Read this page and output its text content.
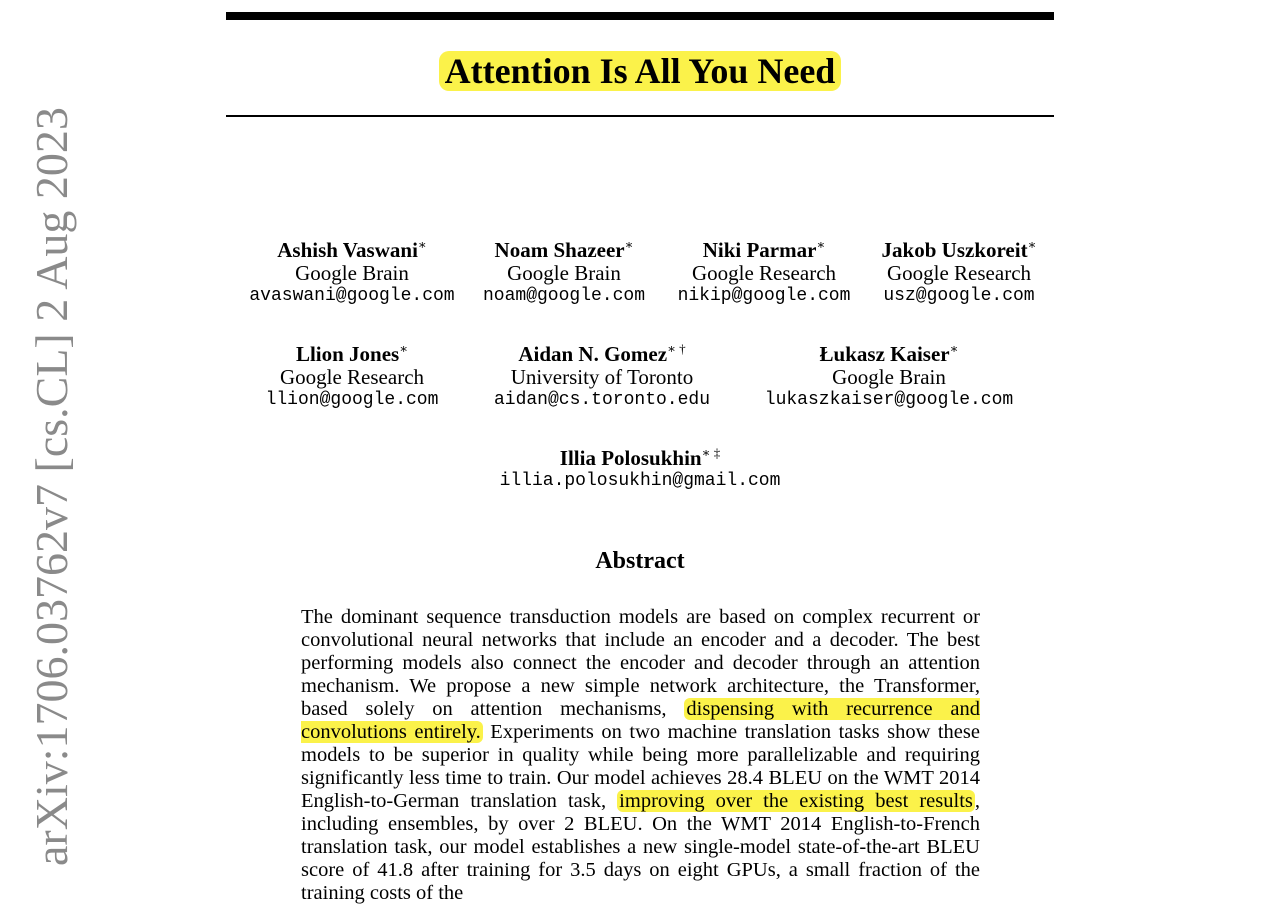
Attention Is All You Need
arXiv:1706.03762v7 [cs.CL] 2 Aug 2023	Ashish Vaswani∗
Google Brain
avaswani@google.com
Noam Shazeer∗
Google Brain
noam@google.com
Niki Parmar∗
Google Research
nikip@google.com
Jakob Uszkoreit∗
Google Research
usz@google.com
Llion Jones∗
Google Research
llion@google.com
Aidan N. Gomez∗ †
University of Toronto
aidan@cs.toronto.edu
Łukasz Kaiser∗
Google Brain
lukaszkaiser@google.com
Illia Polosukhin∗ ‡
illia.polosukhin@gmail.com
Abstract
The dominant sequence transduction models are based on complex recurrent or convolutional neural networks that include an encoder and a decoder. The best performing models also connect the encoder and decoder through an attention mechanism. We propose a new simple network architecture, the Transformer, based solely on attention mechanisms, dispensing with recurrence and convolutions entirely. Experiments on two machine translation tasks show these models to be superior in quality while being more parallelizable and requiring significantly less time to train. Our model achieves 28.4 BLEU on the WMT 2014 English-to-German translation task, improving over the existing best results, including ensembles, by over 2 BLEU. On the WMT 2014 English-to-French translation task, our model establishes a new single-model state-of-the-art BLEU score of 41.8 after training for 3.5 days on eight GPUs, a small fraction of the training costs of the
